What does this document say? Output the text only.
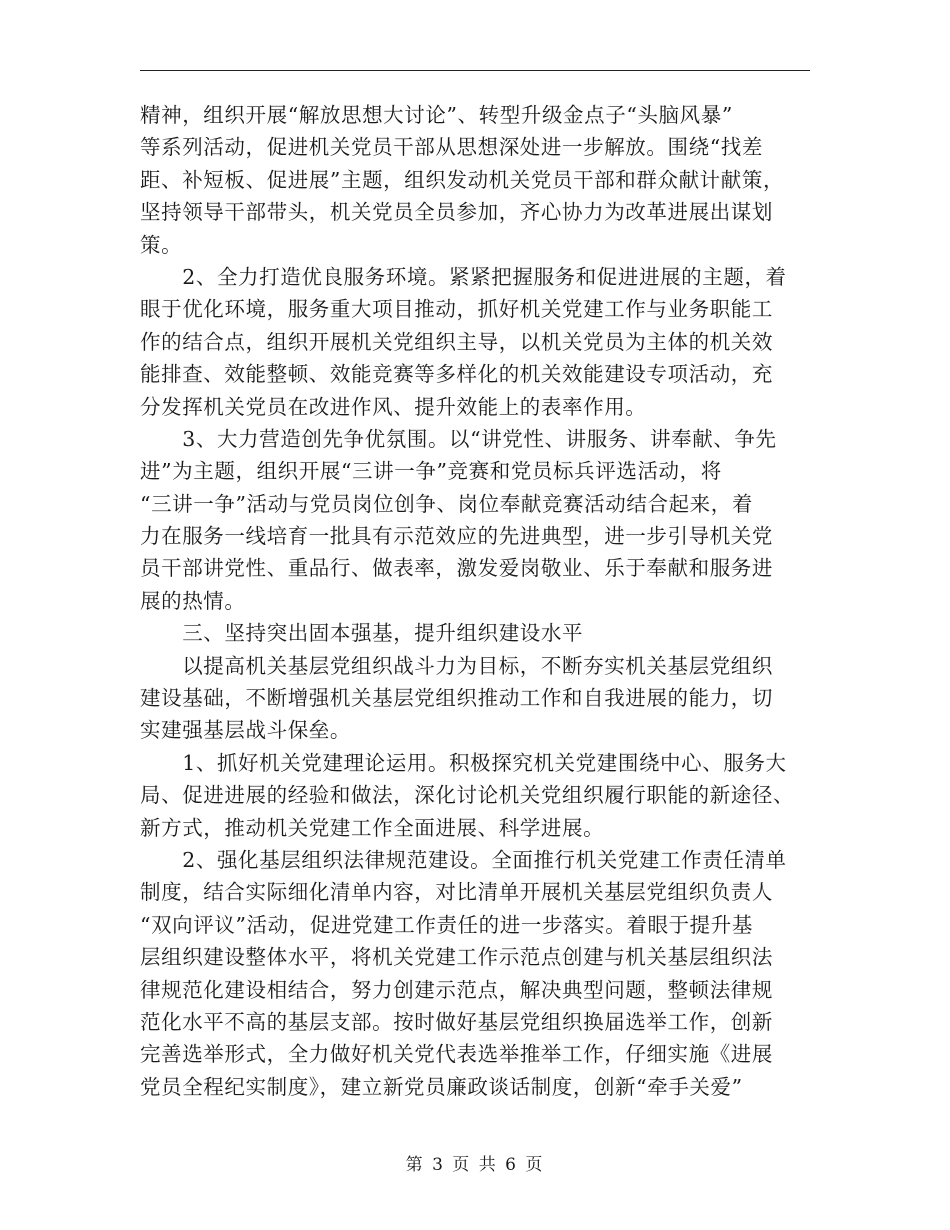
精神，组织开展“解放思想大讨论”、转型升级金点子“头脑风暴”
等系列活动，促进机关党员干部从思想深处进一步解放。围绕“找差
距、补短板、促进展”主题，组织发动机关党员干部和群众献计献策，
坚持领导干部带头，机关党员全员参加，齐心协力为改革进展出谋划
策。
　　2、全力打造优良服务环境。紧紧把握服务和促进进展的主题，着
眼于优化环境，服务重大项目推动，抓好机关党建工作与业务职能工
作的结合点，组织开展机关党组织主导，以机关党员为主体的机关效
能排查、效能整顿、效能竞赛等多样化的机关效能建设专项活动，充
分发挥机关党员在改进作风、提升效能上的表率作用。
　　3、大力营造创先争优氛围。以“讲党性、讲服务、讲奉献、争先
进”为主题，组织开展“三讲一争”竞赛和党员标兵评选活动，将
“三讲一争”活动与党员岗位创争、岗位奉献竞赛活动结合起来，着
力在服务一线培育一批具有示范效应的先进典型，进一步引导机关党
员干部讲党性、重品行、做表率，激发爱岗敬业、乐于奉献和服务进
展的热情。
　　三、坚持突出固本强基，提升组织建设水平
　　以提高机关基层党组织战斗力为目标，不断夯实机关基层党组织
建设基础，不断增强机关基层党组织推动工作和自我进展的能力，切
实建强基层战斗保垒。
　　1、抓好机关党建理论运用。积极探究机关党建围绕中心、服务大
局、促进进展的经验和做法，深化讨论机关党组织履行职能的新途径、
新方式，推动机关党建工作全面进展、科学进展。
　　2、强化基层组织法律规范建设。全面推行机关党建工作责任清单
制度，结合实际细化清单内容，对比清单开展机关基层党组织负责人
“双向评议”活动，促进党建工作责任的进一步落实。着眼于提升基
层组织建设整体水平，将机关党建工作示范点创建与机关基层组织法
律规范化建设相结合，努力创建示范点，解决典型问题，整顿法律规
范化水平不高的基层支部。按时做好基层党组织换届选举工作，创新
完善选举形式，全力做好机关党代表选举推举工作，仔细实施《进展
党员全程纪实制度》，建立新党员廉政谈话制度，创新“牵手关爱”
第 3 页 共 6 页
